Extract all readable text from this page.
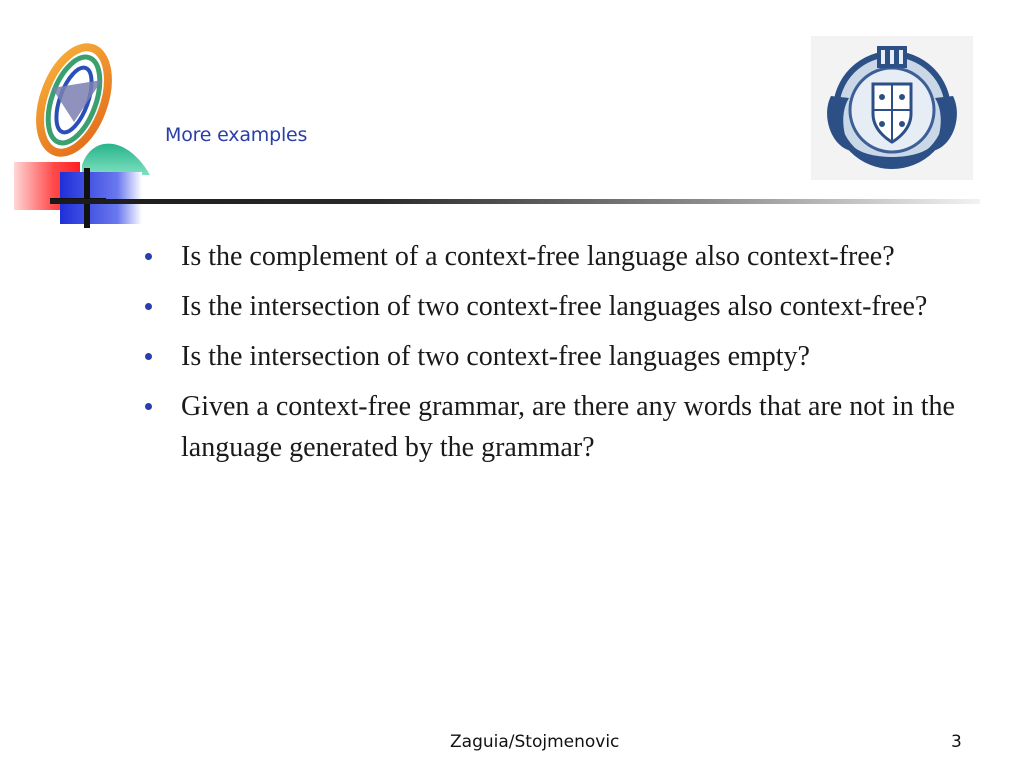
More examples
Is the complement of a context-free language also context-free?
Is the intersection of two context-free languages also context-free?
Is the intersection of two context-free languages empty?
Given a context-free grammar, are there any words that are not in the language generated by the grammar?
Zaguia/Stojmenovic	3
